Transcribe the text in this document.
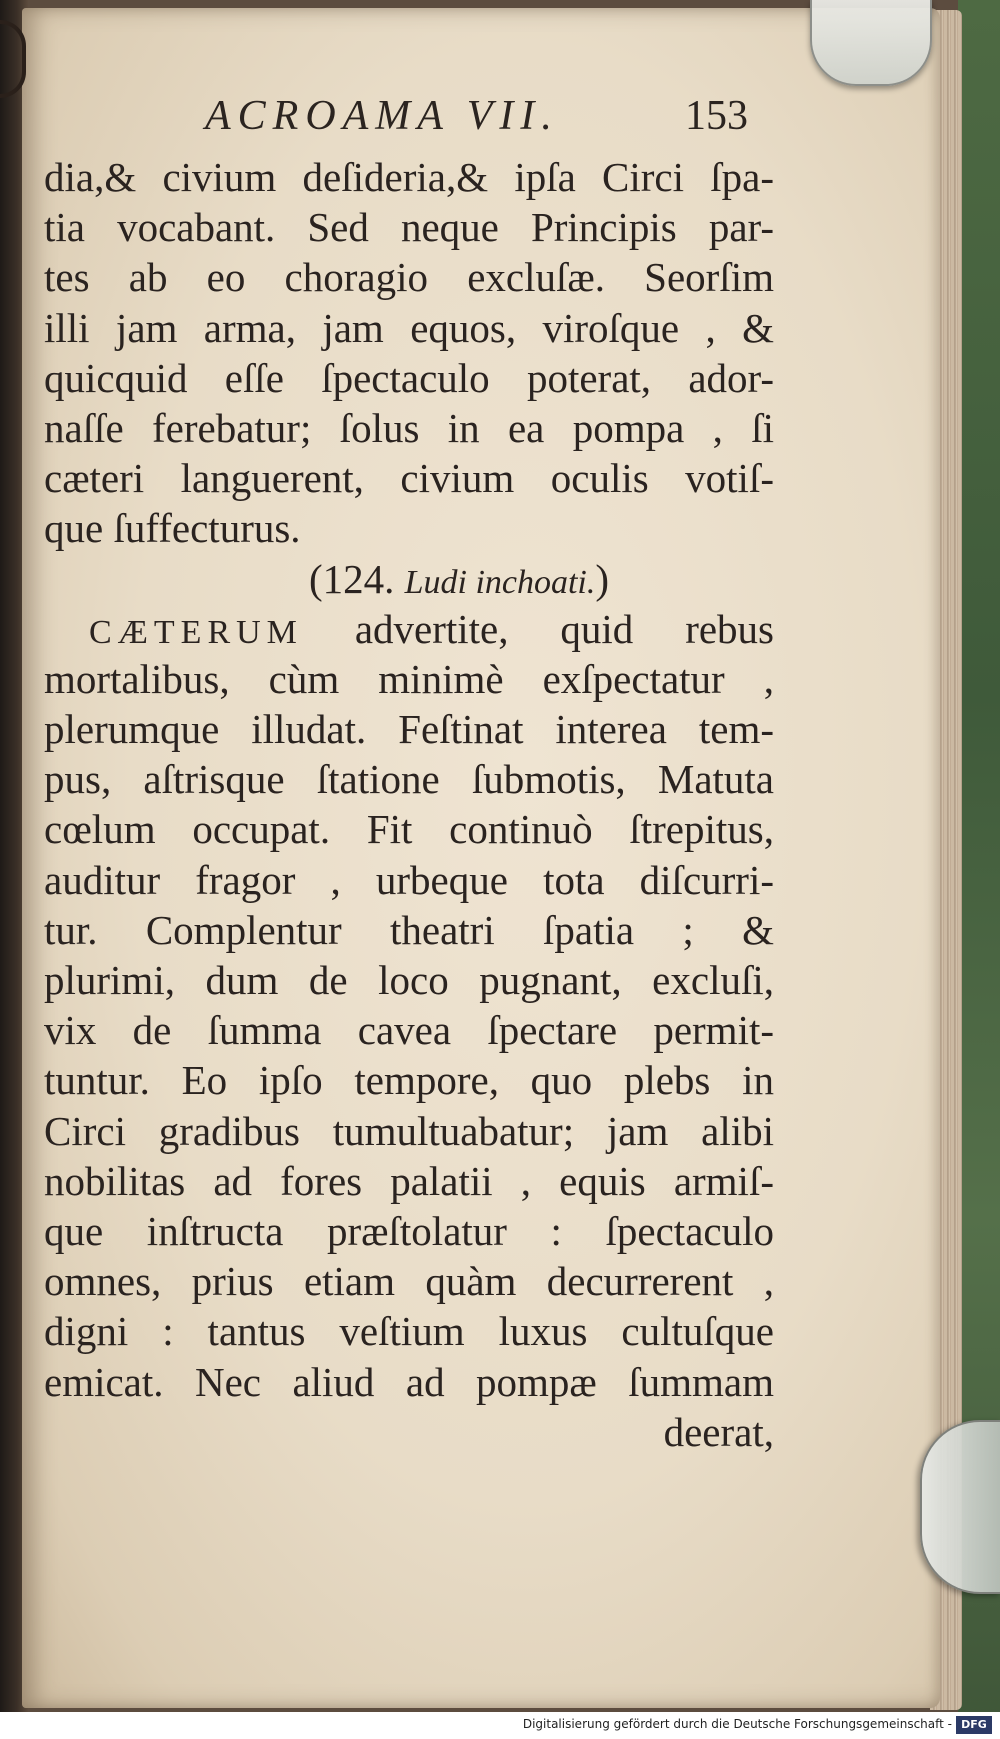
ACROAMA VII.	153
dia,& civium deſideria,& ipſa Circi ſpa-
tia vocabant. Sed neque Principis par-
tes ab eo choragio excluſæ. Seorſim
illi jam arma, jam equos, viroſque , &
quicquid eſſe ſpectaculo poterat, ador-
naſſe ferebatur; ſolus in ea pompa , ſi
cæteri languerent, civium oculis votiſ-
que ſuffecturus.
(124. Ludi inchoati.)
CÆTERUM advertite, quid rebus
mortalibus, cùm minimè exſpectatur ,
plerumque illudat. Feſtinat interea tem-
pus, aſtrisque ſtatione ſubmotis, Matuta
cœlum occupat. Fit continuò ſtrepitus,
auditur fragor , urbeque tota diſcurri-
tur. Complentur theatri ſpatia ; &
plurimi, dum de loco pugnant, excluſi,
vix de ſumma cavea ſpectare permit-
tuntur. Eo ipſo tempore, quo plebs in
Circi gradibus tumultuabatur; jam alibi
nobilitas ad fores palatii , equis armiſ-
que inſtructa præſtolatur : ſpectaculo
omnes, prius etiam quàm decurrerent ,
digni : tantus veſtium luxus cultuſque
emicat. Nec aliud ad pompæ ſummam
deerat,
Digitalisierung gefördert durch die Deutsche Forschungsgemeinschaft - DFG
